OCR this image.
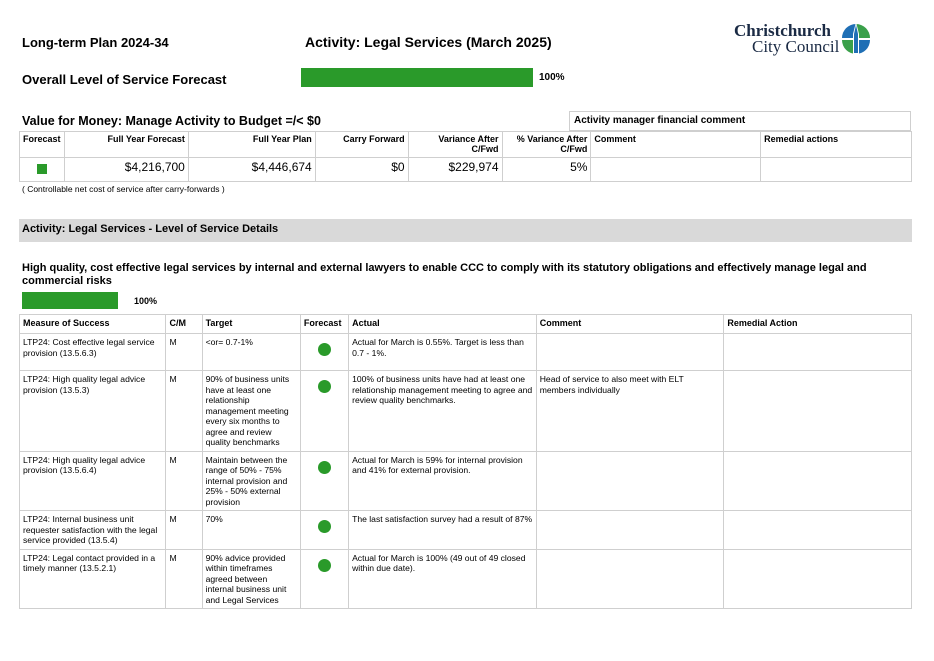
Long-term Plan 2024-34	Activity: Legal Services (March 2025)
Christchurch
City Council
Overall Level of Service Forecast	100%
Value for Money: Manage Activity to Budget =/< $0	Activity manager financial comment
Forecast	Full Year Forecast	Full Year Plan	Carry Forward	Variance After C/Fwd	% Variance After C/Fwd	Comment	Remedial actions

	$4,216,700	$4,446,674	$0	$229,974	5%		
( Controllable net cost of service after carry-forwards )
Activity: Legal Services - Level of Service Details
High quality, cost effective legal services by internal and external lawyers to enable CCC to comply with its statutory obligations and effectively manage legal and commercial risks
100%
Measure of Success	C/M	Target	Forecast	Actual	Comment	Remedial Action
LTP24: Cost effective legal service provision (13.5.6.3)	M	<or= 0.7-1%		Actual for March is 0.55%. Target is less than 0.7 - 1%.		
LTP24: High quality legal advice provision (13.5.3)	M	90% of business units have at least one relationship management meeting every six months to agree and review quality benchmarks		100% of business units have had at least one relationship management meeting to agree and review quality benchmarks.	Head of service to also meet with ELT members individually	
LTP24: High quality legal advice provision (13.5.6.4)	M	Maintain between the range of 50% - 75% internal provision and 25% - 50% external provision		Actual for March is 59% for internal provision and 41% for external provision.		
LTP24: Internal business unit requester satisfaction with the legal service provided (13.5.4)	M	70%		The last satisfaction survey had a result of 87%		
LTP24: Legal contact provided in a timely manner (13.5.2.1)	M	90% advice provided within timeframes agreed between internal business unit and Legal Services		Actual for March is 100% (49 out of 49 closed within due date).		
